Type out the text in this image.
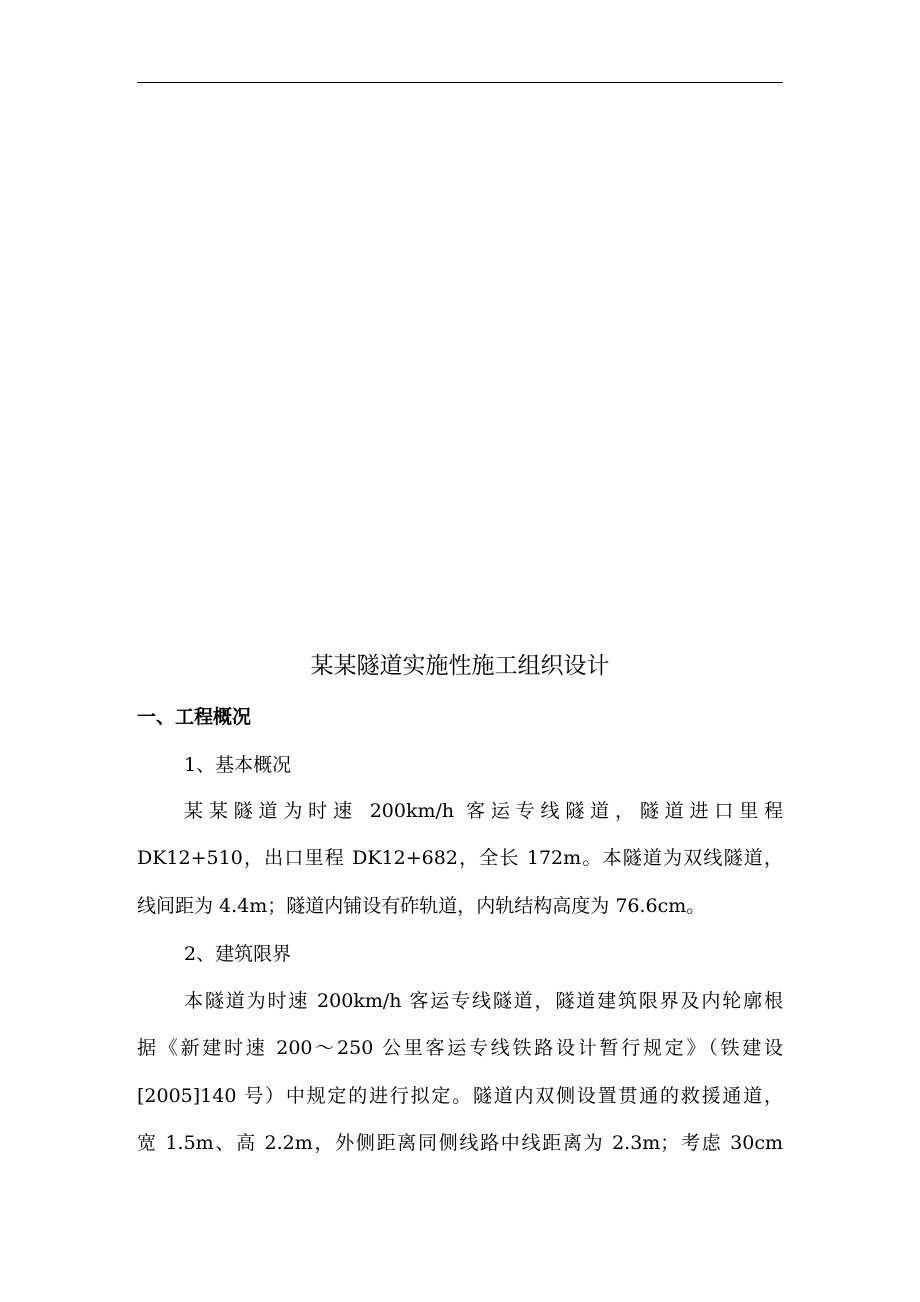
某某隧道实施性施工组织设计
一、工程概况
1、基本概况
某某隧道为时速 200km/h 客运专线隧道，隧道进口里程
DK12+510，出口里程 DK12+682，全长 172m。本隧道为双线隧道，
线间距为 4.4m；隧道内铺设有砟轨道，内轨结构高度为 76.6cm。
2、建筑限界
本隧道为时速 200km/h 客运专线隧道，隧道建筑限界及内轮廓根
据《新建时速 200～250 公里客运专线铁路设计暂行规定》（铁建设
[2005]140 号）中规定的进行拟定。隧道内双侧设置贯通的救援通道，
宽 1.5m、高 2.2m，外侧距离同侧线路中线距离为 2.3m；考虑 30cm
